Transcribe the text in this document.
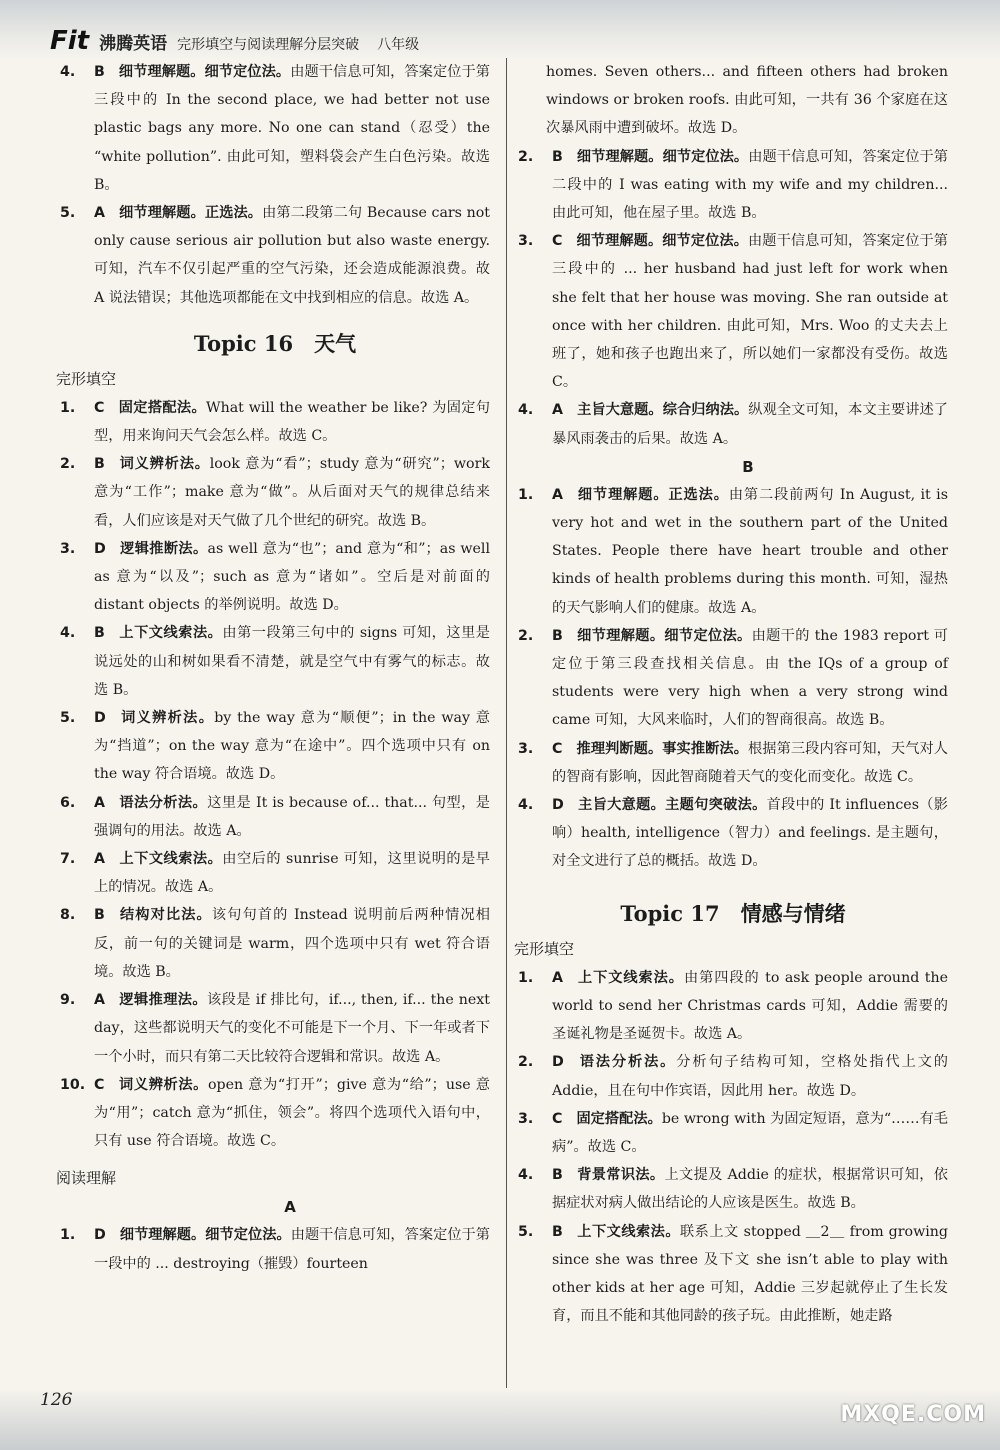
Fit 沸腾英语 完形填空与阅读理解分层突破 八年级
4. B 细节理解题。细节定位法。由题干信息可知，答案定位于第三段中的 In the second place, we had better not use plastic bags any more. No one can stand（忍受）the “white pollution”. 由此可知，塑料袋会产生白色污染。故选 B。
5. A 细节理解题。正选法。由第二段第二句 Because cars not only cause serious air pollution but also waste energy. 可知，汽车不仅引起严重的空气污染，还会造成能源浪费。故 A 说法错误；其他选项都能在文中找到相应的信息。故选 A。
Topic 16　天气
完形填空
1. C 固定搭配法。What will the weather be like? 为固定句型，用来询问天气会怎么样。故选 C。
2. B 词义辨析法。look 意为“看”；study 意为“研究”；work 意为“工作”；make 意为“做”。从后面对天气的规律总结来看，人们应该是对天气做了几个世纪的研究。故选 B。
3. D 逻辑推断法。as well 意为“也”；and 意为“和”；as well as 意为“以及”；such as 意为“诸如”。空后是对前面的 distant objects 的举例说明。故选 D。
4. B 上下文线索法。由第一段第三句中的 signs 可知，这里是说远处的山和树如果看不清楚，就是空气中有雾气的标志。故选 B。
5. D 词义辨析法。by the way 意为“顺便”；in the way 意为“挡道”；on the way 意为“在途中”。四个选项中只有 on the way 符合语境。故选 D。
6. A 语法分析法。这里是 It is because of... that... 句型，是强调句的用法。故选 A。
7. A 上下文线索法。由空后的 sunrise 可知，这里说明的是早上的情况。故选 A。
8. B 结构对比法。该句句首的 Instead 说明前后两种情况相反，前一句的关键词是 warm，四个选项中只有 wet 符合语境。故选 B。
9. A 逻辑推理法。该段是 if 排比句，if..., then, if... the next day，这些都说明天气的变化不可能是下一个月、下一年或者下一个小时，而只有第二天比较符合逻辑和常识。故选 A。
10. C 词义辨析法。open 意为“打开”；give 意为“给”；use 意为“用”；catch 意为“抓住，领会”。将四个选项代入语句中，只有 use 符合语境。故选 C。
阅读理解
A
1. D 细节理解题。细节定位法。由题干信息可知，答案定位于第一段中的 ... destroying（摧毁）fourteen
homes. Seven others... and fifteen others had broken windows or broken roofs. 由此可知，一共有 36 个家庭在这次暴风雨中遭到破坏。故选 D。
2. B 细节理解题。细节定位法。由题干信息可知，答案定位于第二段中的 I was eating with my wife and my children... 由此可知，他在屋子里。故选 B。
3. C 细节理解题。细节定位法。由题干信息可知，答案定位于第三段中的 ... her husband had just left for work when she felt that her house was moving. She ran outside at once with her children. 由此可知，Mrs. Woo 的丈夫去上班了，她和孩子也跑出来了，所以她们一家都没有受伤。故选 C。
4. A 主旨大意题。综合归纳法。纵观全文可知，本文主要讲述了暴风雨袭击的后果。故选 A。
B
1. A 细节理解题。正选法。由第二段前两句 In August, it is very hot and wet in the southern part of the United States. People there have heart trouble and other kinds of health problems during this month. 可知，湿热的天气影响人们的健康。故选 A。
2. B 细节理解题。细节定位法。由题干的 the 1983 report 可定位于第三段查找相关信息。由 the IQs of a group of students were very high when a very strong wind came 可知，大风来临时，人们的智商很高。故选 B。
3. C 推理判断题。事实推断法。根据第三段内容可知，天气对人的智商有影响，因此智商随着天气的变化而变化。故选 C。
4. D 主旨大意题。主题句突破法。首段中的 It influences（影响）health, intelligence（智力）and feelings. 是主题句，对全文进行了总的概括。故选 D。
Topic 17　情感与情绪
完形填空
1. A 上下文线索法。由第四段的 to ask people around the world to send her Christmas cards 可知，Addie 需要的圣诞礼物是圣诞贺卡。故选 A。
2. D 语法分析法。分析句子结构可知，空格处指代上文的 Addie，且在句中作宾语，因此用 her。故选 D。
3. C 固定搭配法。be wrong with 为固定短语，意为“……有毛病”。故选 C。
4. B 背景常识法。上文提及 Addie 的症状，根据常识可知，依据症状对病人做出结论的人应该是医生。故选 B。
5. B 上下文线索法。联系上文 stopped ＿2＿ from growing since she was three 及下文 she isn’t able to play with other kids at her age 可知，Addie 三岁起就停止了生长发育，而且不能和其他同龄的孩子玩。由此推断，她走路
126
MXQE.COM
